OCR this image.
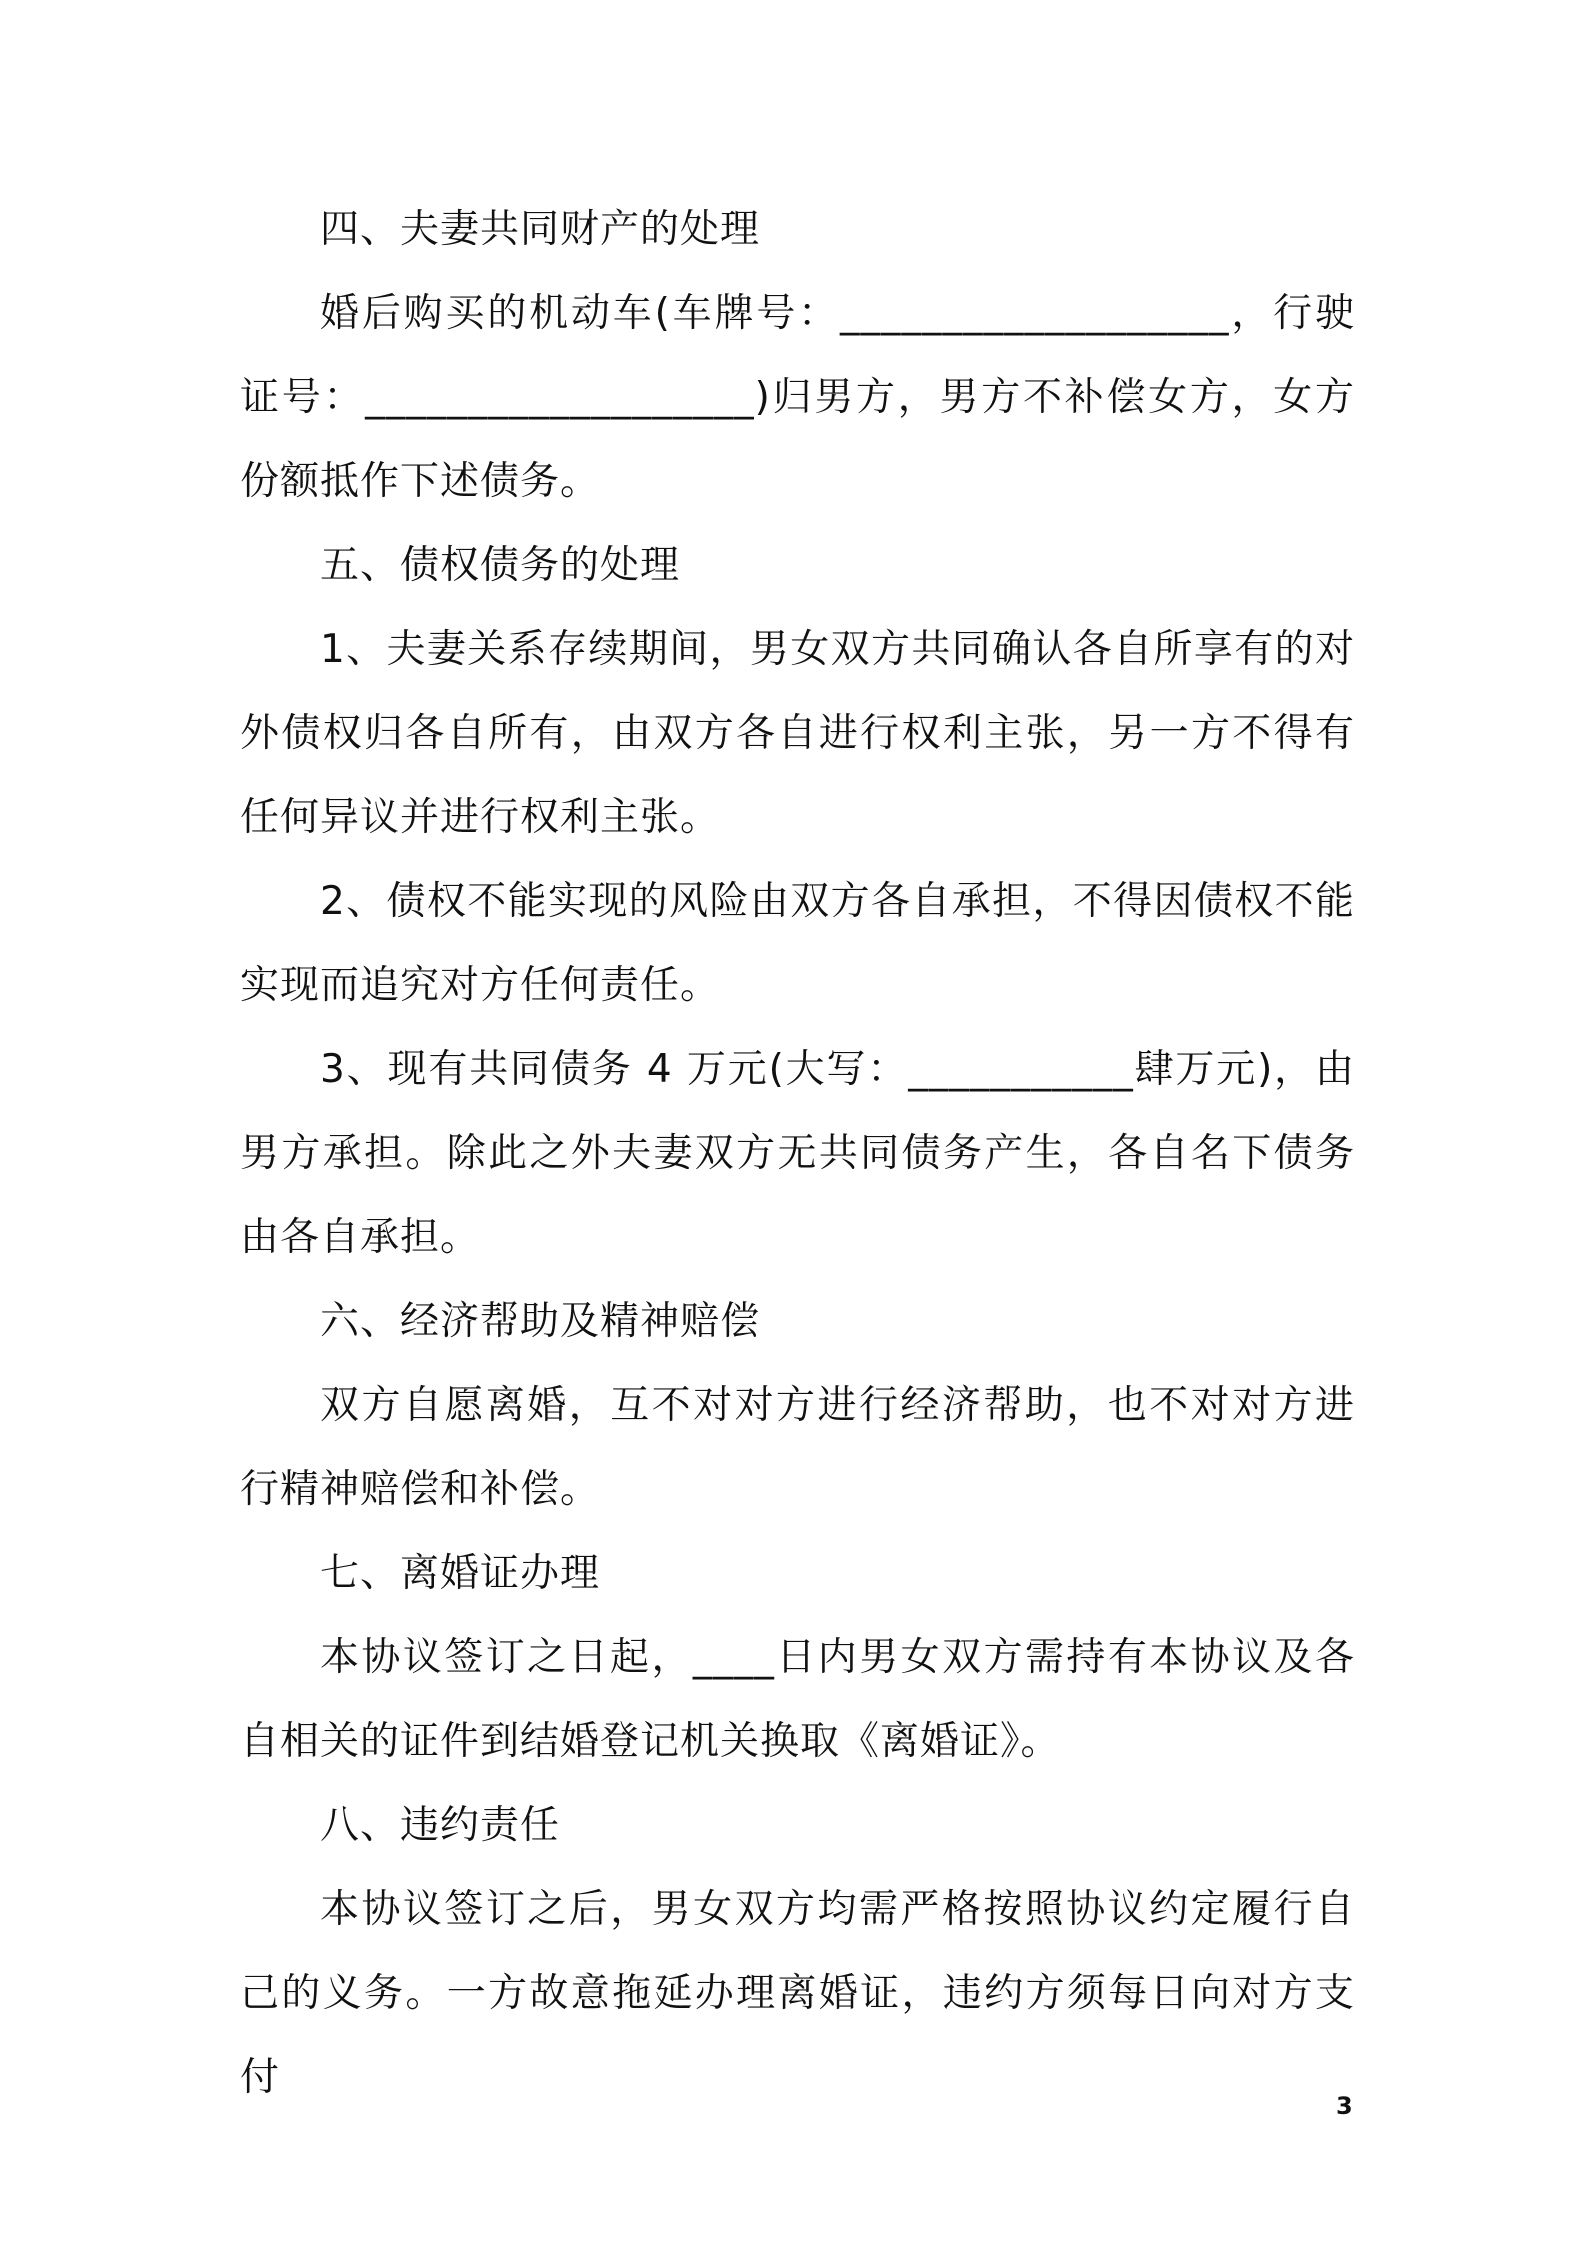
四、夫妻共同财产的处理

婚后购买的机动车(车牌号：___________________，行驶证号：___________________)归男方，男方不补偿女方，女方份额抵作下述债务。

五、债权债务的处理

1、夫妻关系存续期间，男女双方共同确认各自所享有的对外债权归各自所有，由双方各自进行权利主张，另一方不得有任何异议并进行权利主张。

2、债权不能实现的风险由双方各自承担，不得因债权不能实现而追究对方任何责任。

3、现有共同债务 4 万元(大写：___________肆万元)，由男方承担。除此之外夫妻双方无共同债务产生，各自名下债务由各自承担。

六、经济帮助及精神赔偿

双方自愿离婚，互不对对方进行经济帮助，也不对对方进行精神赔偿和补偿。

七、离婚证办理

本协议签订之日起，____日内男女双方需持有本协议及各自相关的证件到结婚登记机关换取《离婚证》。

八、违约责任

本协议签订之后，男女双方均需严格按照协议约定履行自己的义务。一方故意拖延办理离婚证，违约方须每日向对方支付

3
